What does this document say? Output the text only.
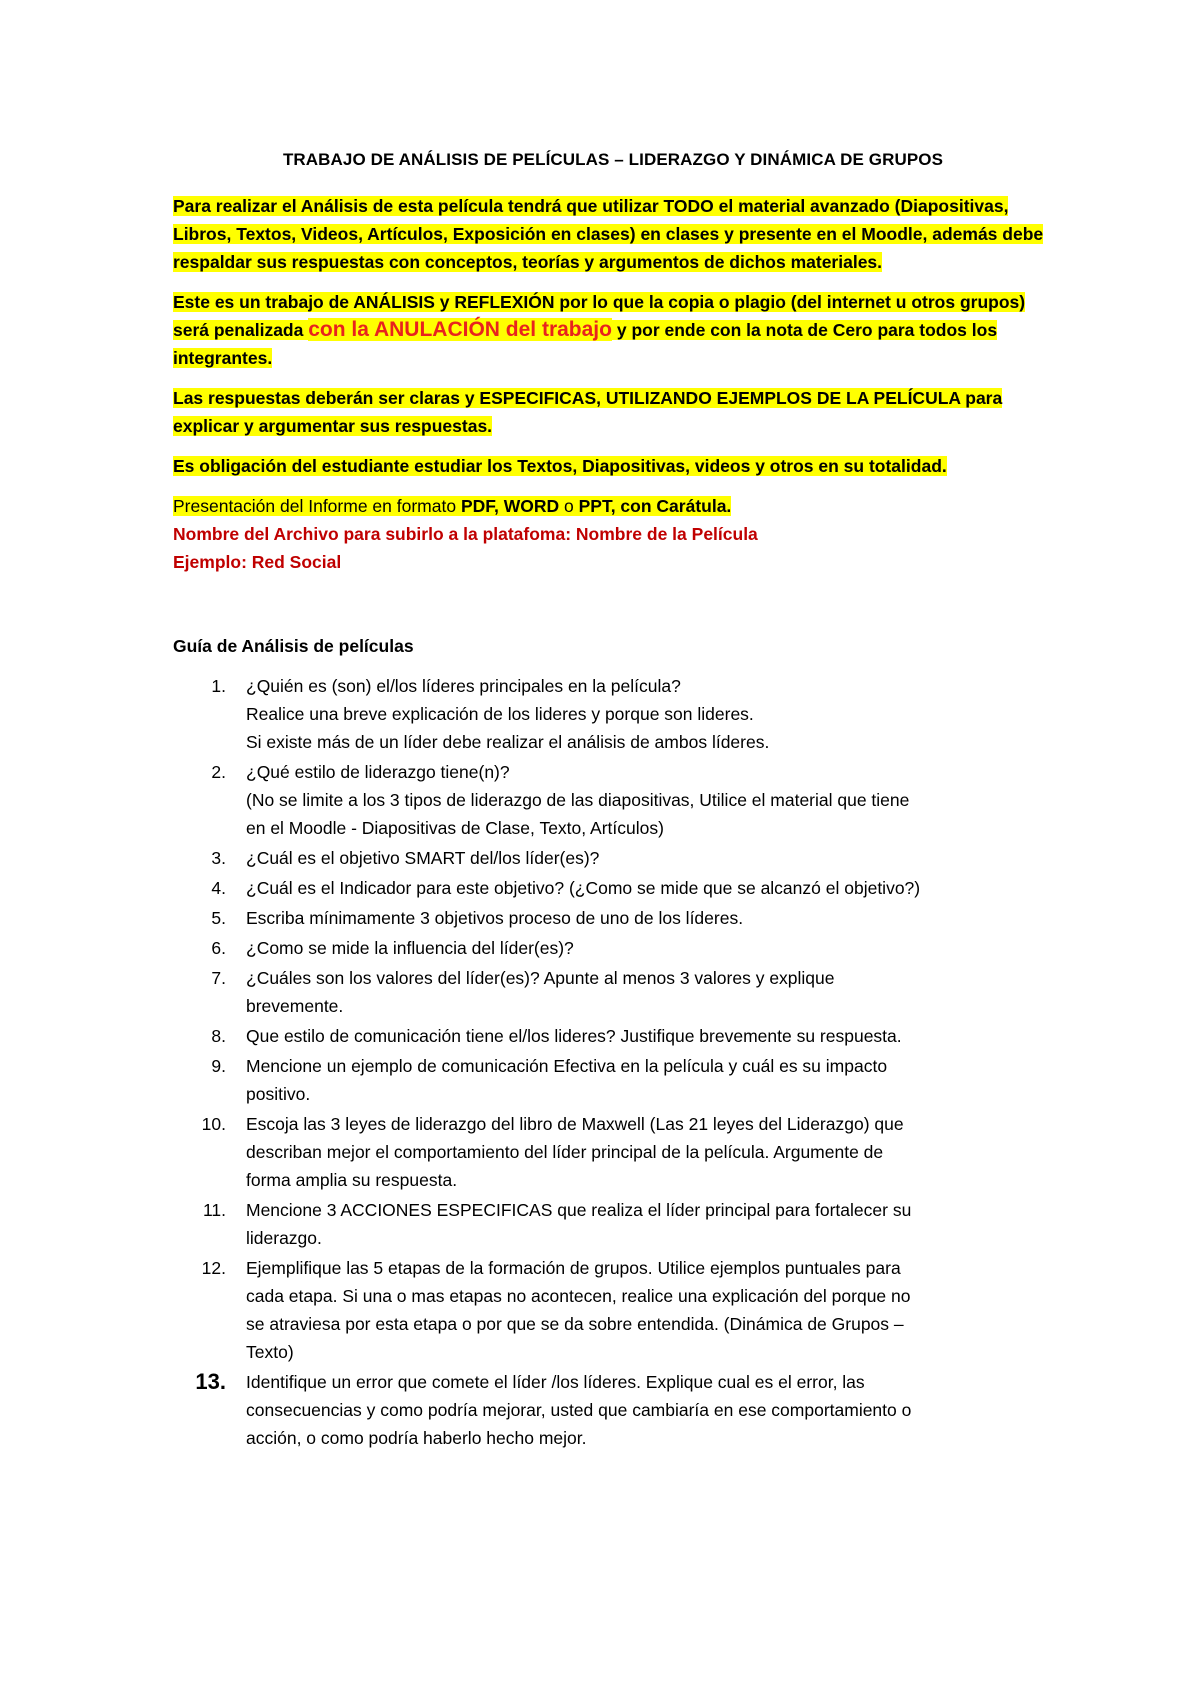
TRABAJO DE ANÁLISIS DE PELÍCULAS – LIDERAZGO Y DINÁMICA DE GRUPOS

Para realizar el Análisis de esta película tendrá que utilizar TODO el material avanzado (Diapositivas, Libros, Textos, Videos, Artículos, Exposición en clases) en clases y presente en el Moodle, además debe respaldar sus respuestas con conceptos, teorías y argumentos de dichos materiales.

Este es un trabajo de ANÁLISIS y REFLEXIÓN por lo que la copia o plagio (del internet u otros grupos) será penalizada con la ANULACIÓN del trabajo y por ende con la nota de Cero para todos los integrantes.

Las respuestas deberán ser claras y ESPECIFICAS, UTILIZANDO EJEMPLOS DE LA PELÍCULA para explicar y argumentar sus respuestas.

Es obligación del estudiante estudiar los Textos, Diapositivas, videos y otros en su totalidad.

Presentación del Informe en formato PDF, WORD o PPT, con Carátula.

Nombre del Archivo para subirlo a la platafoma: Nombre de la Película

Ejemplo: Red Social

Guía de Análisis de películas
1. ¿Quién es (son) el/los líderes principales en la película?
Realice una breve explicación de los lideres y porque son lideres.
Si existe más de un líder debe realizar el análisis de ambos líderes.
2. ¿Qué estilo de liderazgo tiene(n)?
(No se limite a los 3 tipos de liderazgo de las diapositivas, Utilice el material que tiene
en el Moodle - Diapositivas de Clase, Texto, Artículos)
3. ¿Cuál es el objetivo SMART del/los líder(es)?
4. ¿Cuál es el Indicador para este objetivo? (¿Como se mide que se alcanzó el objetivo?)
5. Escriba mínimamente 3 objetivos proceso de uno de los líderes.
6. ¿Como se mide la influencia del líder(es)?
7. ¿Cuáles son los valores del líder(es)? Apunte al menos 3 valores y explique
brevemente.
8. Que estilo de comunicación tiene el/los lideres? Justifique brevemente su respuesta.
9. Mencione un ejemplo de comunicación Efectiva en la película y cuál es su impacto
positivo.
10. Escoja las 3 leyes de liderazgo del libro de Maxwell (Las 21 leyes del Liderazgo) que
describan mejor el comportamiento del líder principal de la película. Argumente de
forma amplia su respuesta.
11. Mencione 3 ACCIONES ESPECIFICAS que realiza el líder principal para fortalecer su
liderazgo.
12. Ejemplifique las 5 etapas de la formación de grupos. Utilice ejemplos puntuales para
cada etapa. Si una o mas etapas no acontecen, realice una explicación del porque no
se atraviesa por esta etapa o por que se da sobre entendida. (Dinámica de Grupos –
Texto)
13. Identifique un error que comete el líder /los líderes. Explique cual es el error, las
consecuencias y como podría mejorar, usted que cambiaría en ese comportamiento o
acción, o como podría haberlo hecho mejor.
